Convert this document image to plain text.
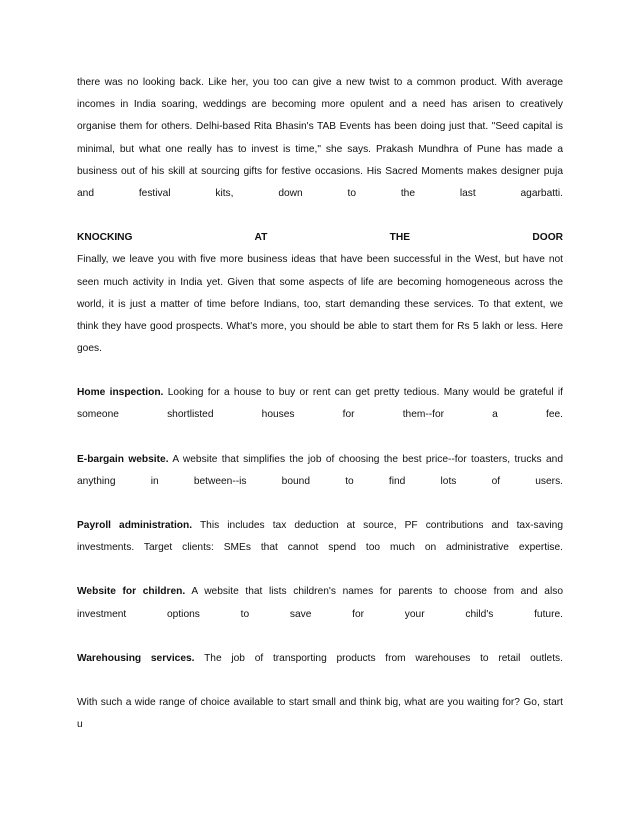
there was no looking back. Like her, you too can give a new twist to a common product. With average
incomes in India soaring, weddings are becoming more opulent and a need has arisen to creatively
organise them for others. Delhi-based Rita Bhasin's TAB Events has been doing just that. "Seed capital is
minimal, but what one really has to invest is time," she says. Prakash Mundhra of Pune has made a
business out of his skill at sourcing gifts for festive occasions. His Sacred Moments makes designer puja
and festival kits, down to the last agarbatti.
KNOCKING AT THE DOOR
Finally, we leave you with five more business ideas that have been successful in the West, but have not
seen much activity in India yet. Given that some aspects of life are becoming homogeneous across the
world, it is just a matter of time before Indians, too, start demanding these services. To that extent, we
think they have good prospects. What's more, you should be able to start them for Rs 5 lakh or less. Here
goes.
Home inspection. Looking for a house to buy or rent can get pretty tedious. Many would be grateful if
someone shortlisted houses for them--for a fee.
E-bargain website. A website that simplifies the job of choosing the best price--for toasters, trucks and
anything in between--is bound to find lots of users.
Payroll administration. This includes tax deduction at source, PF contributions and tax-saving
investments. Target clients: SMEs that cannot spend too much on administrative expertise.
Website for children. A website that lists children's names for parents to choose from and also
investment options to save for your child's future.
Warehousing services. The job of transporting products from warehouses to retail outlets.
With such a wide range of choice available to start small and think big, what are you waiting for? Go, start
u
